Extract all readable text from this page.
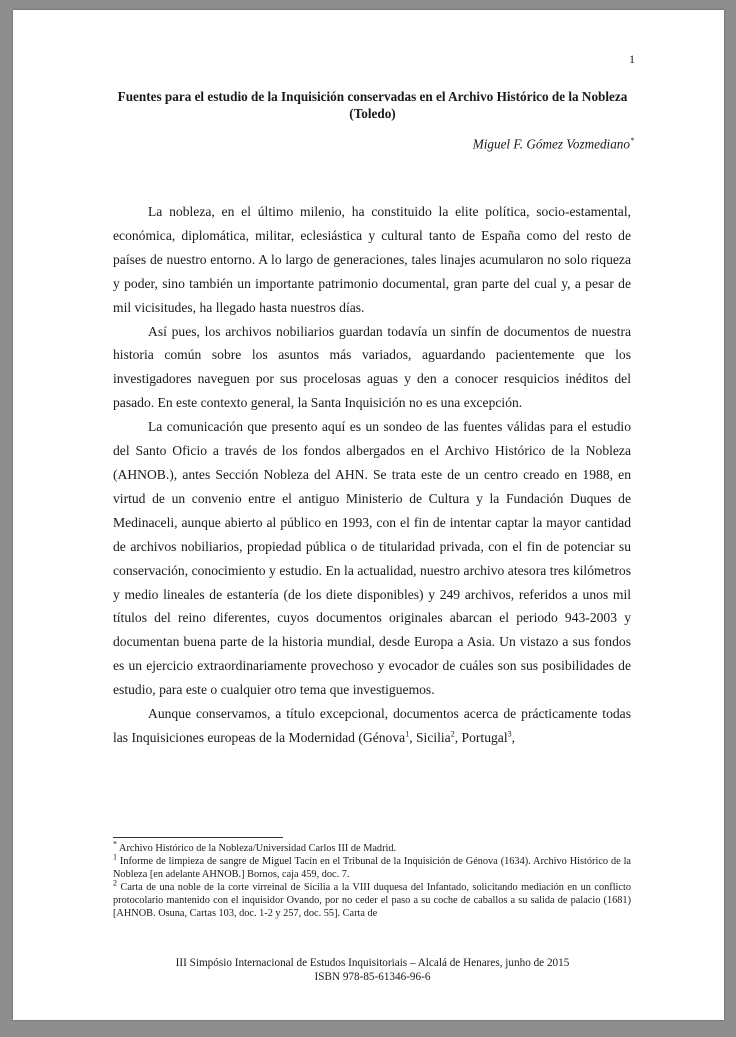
1
Fuentes para el estudio de la Inquisición conservadas en el Archivo Histórico de la Nobleza (Toledo)
Miguel F. Gómez Vozmediano*

La nobleza, en el último milenio, ha constituido la elite política, socio-estamental, económica, diplomática, militar, eclesiástica y cultural tanto de España como del resto de países de nuestro entorno. A lo largo de generaciones, tales linajes acumularon no solo riqueza y poder, sino también un importante patrimonio documental, gran parte del cual y, a pesar de mil vicisitudes, ha llegado hasta nuestros días.

Así pues, los archivos nobiliarios guardan todavía un sinfín de documentos de nuestra historia común sobre los asuntos más variados, aguardando pacientemente que los investigadores naveguen por sus procelosas aguas y den a conocer resquicios inéditos del pasado. En este contexto general, la Santa Inquisición no es una excepción.

La comunicación que presento aquí es un sondeo de las fuentes válidas para el estudio del Santo Oficio a través de los fondos albergados en el Archivo Histórico de la Nobleza (AHNOB.), antes Sección Nobleza del AHN. Se trata este de un centro creado en 1988, en virtud de un convenio entre el antiguo Ministerio de Cultura y la Fundación Duques de Medinaceli, aunque abierto al público en 1993, con el fin de intentar captar la mayor cantidad de archivos nobiliarios, propiedad pública o de titularidad privada, con el fin de potenciar su conservación, conocimiento y estudio. En la actualidad, nuestro archivo atesora tres kilómetros y medio lineales de estantería (de los diete disponibles) y 249 archivos, referidos a unos mil títulos del reino diferentes, cuyos documentos originales abarcan el periodo 943-2003 y documentan buena parte de la historia mundial, desde Europa a Asia. Un vistazo a sus fondos es un ejercicio extraordinariamente provechoso y evocador de cuáles son sus posibilidades de estudio, para este o cualquier otro tema que investiguemos.

Aunque conservamos, a título excepcional, documentos acerca de prácticamente todas las Inquisiciones europeas de la Modernidad (Génova$^1$, Sicilia$^2$, Portugal$^3$,

* Archivo Histórico de la Nobleza/Universidad Carlos III de Madrid.
$^1$ Informe de limpieza de sangre de Miguel Tacín en el Tribunal de la Inquisición de Génova (1634). Archivo Histórico de la Nobleza [en adelante AHNOB.] Bornos, caja 459, doc. 7.
$^2$ Carta de una noble de la corte virreinal de Sicilia a la VIII duquesa del Infantado, solicitando mediación en un conflicto protocolario mantenido con el inquisidor Ovando, por no ceder el paso a su coche de caballos a su salida de palacio (1681) [AHNOB. Osuna, Cartas 103, doc. 1-2 y 257, doc. 55]. Carta de
III Simpósio Internacional de Estudos Inquisitoriais – Alcalá de Henares, junho de 2015
ISBN 978-85-61346-96-6
